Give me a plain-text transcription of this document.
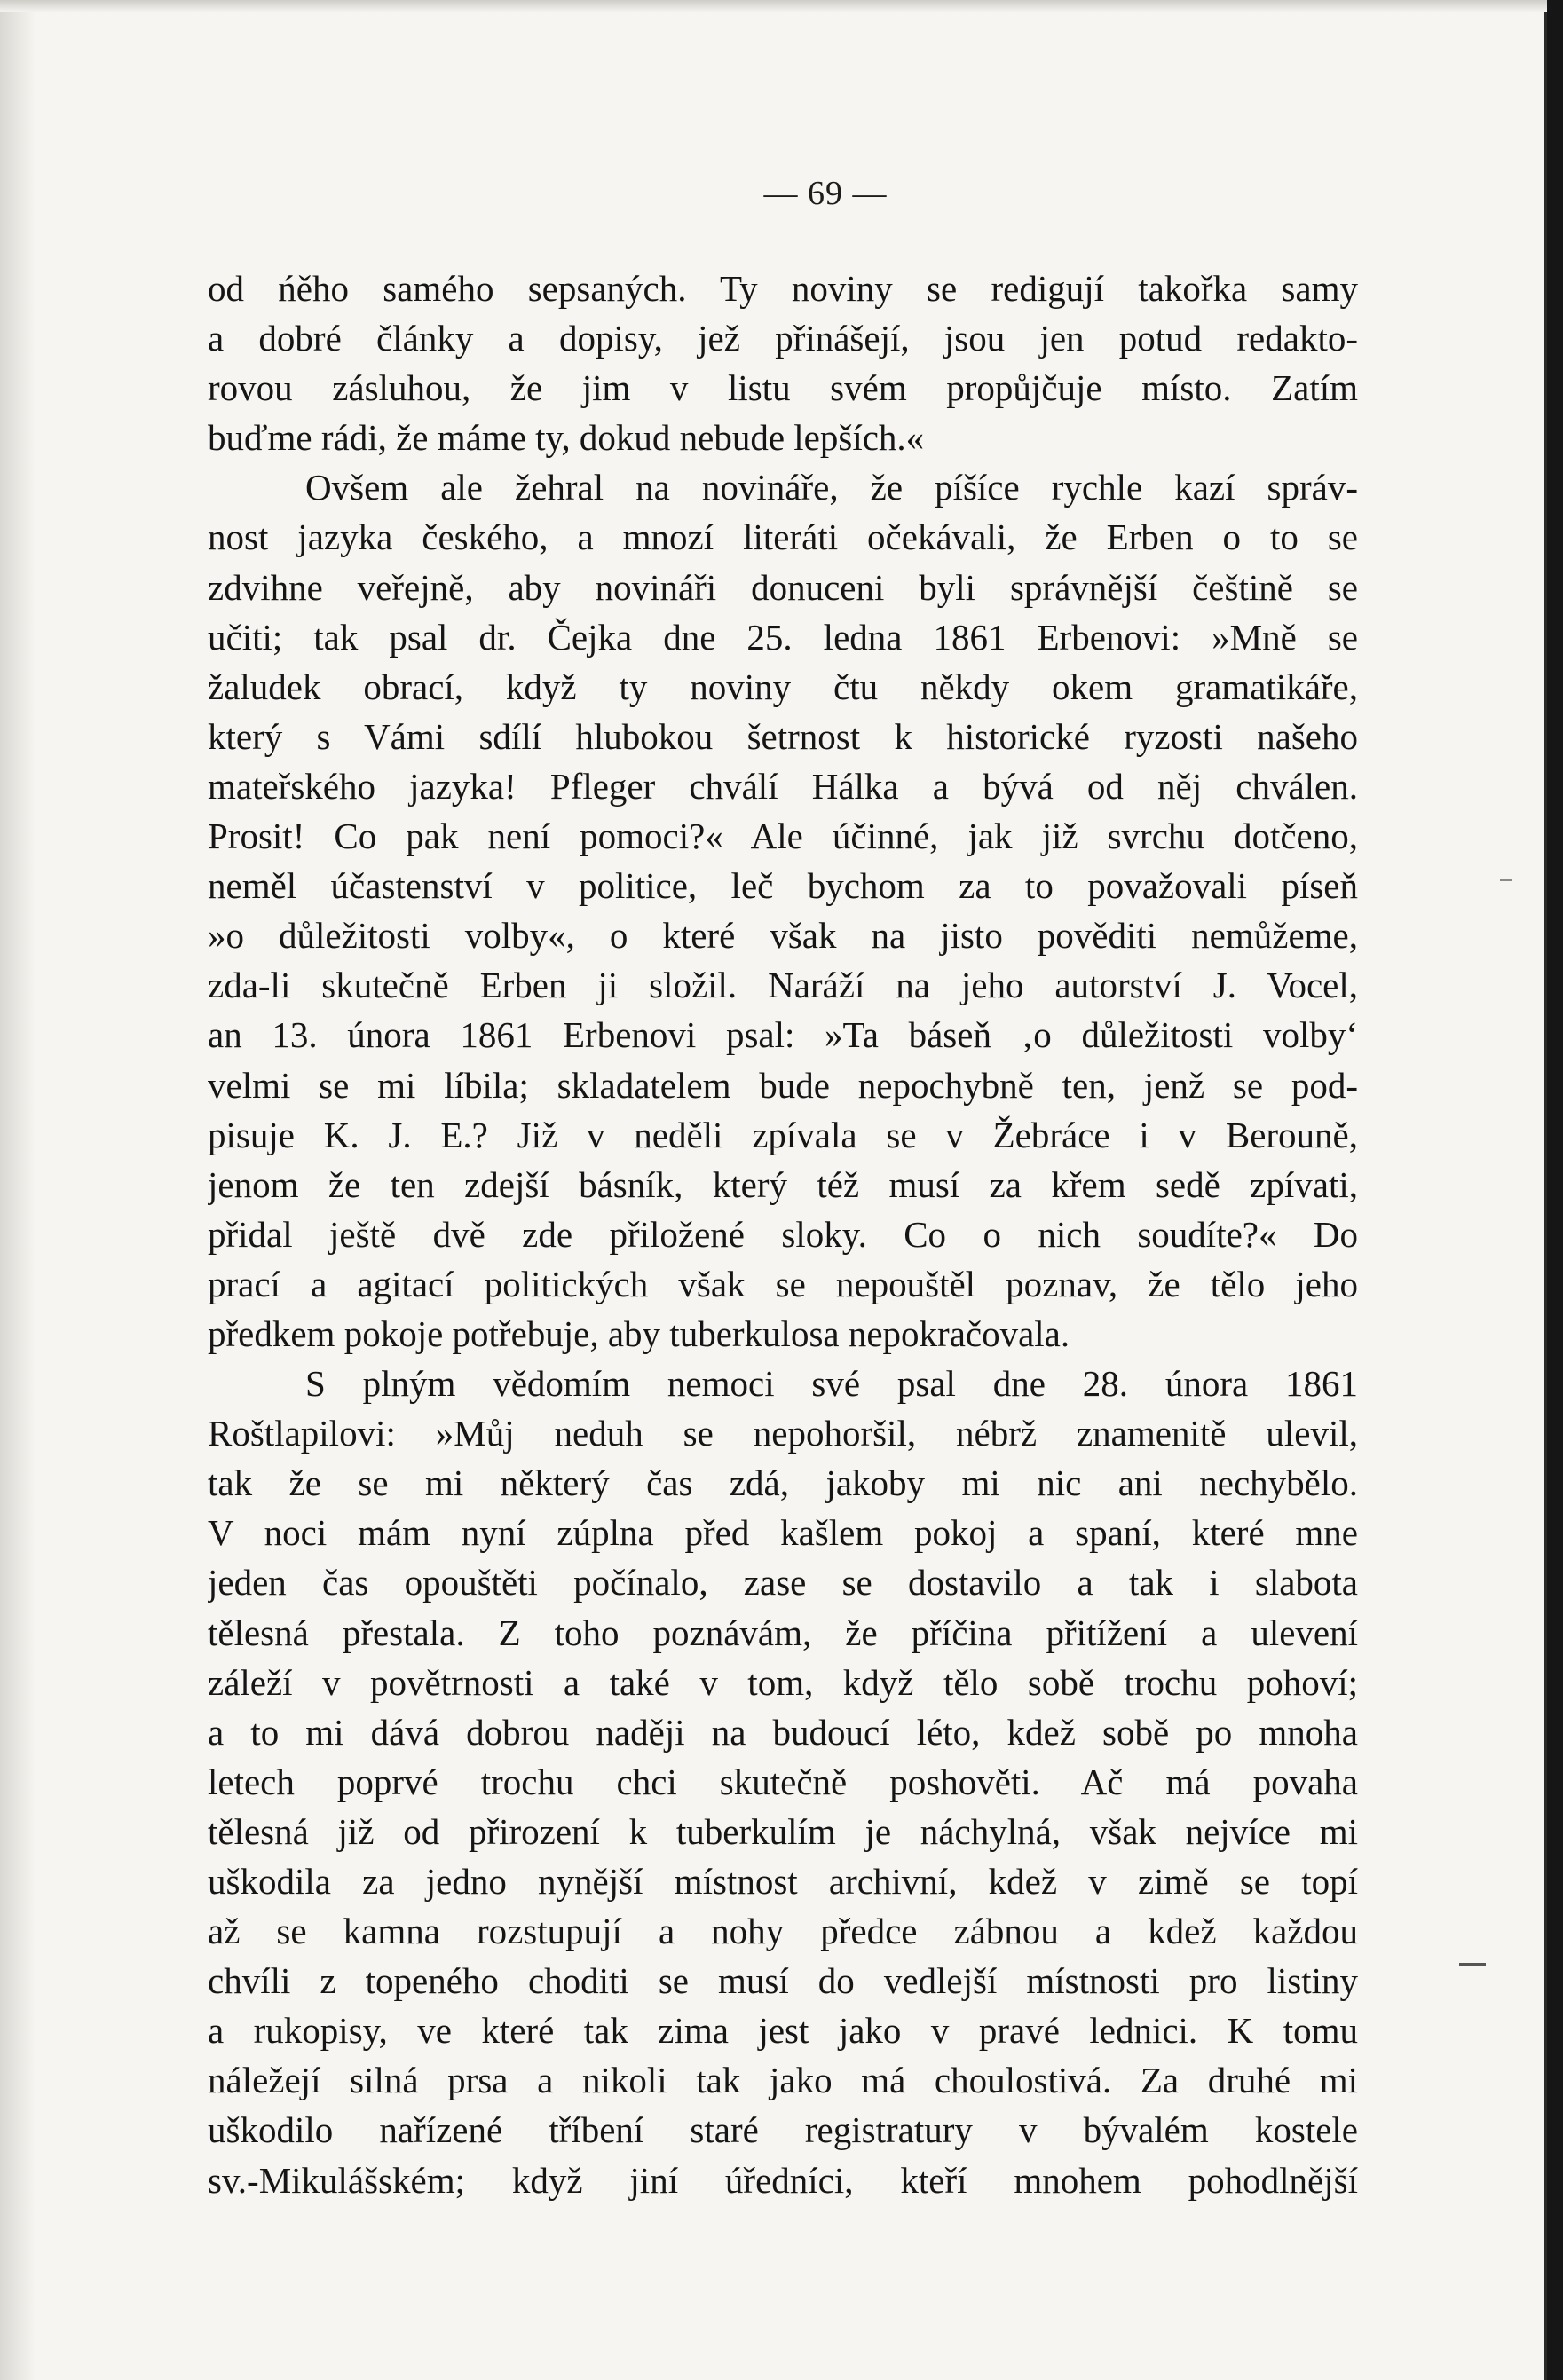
— 69 —
od ńěho samého sepsaných. Ty noviny se redigují takořka samy
a dobré články a dopisy, jež přinášejí, jsou jen potud redakto-
rovou zásluhou, že jim v listu svém propůjčuje místo. Zatím
buďme rádi, že máme ty, dokud nebude lepších.«
Ovšem ale žehral na novináře, že píšíce rychle kazí správ-
nost jazyka českého, a mnozí literáti očekávali, že Erben o to se
zdvihne veřejně, aby novináři donuceni byli správnější češtině se
učiti; tak psal dr. Čejka dne 25. ledna 1861 Erbenovi: »Mně se
žaludek obrací, když ty noviny čtu někdy okem gramatikáře,
který s Vámi sdílí hlubokou šetrnost k historické ryzosti našeho
mateřského jazyka! Pfleger chválí Hálka a bývá od něj chválen.
Prosit! Co pak není pomoci?« Ale účinné, jak již svrchu dotčeno,
neměl účastenství v politice, leč bychom za to považovali píseň
»o důležitosti volby«, o které však na jisto pověditi nemůžeme,
zda-li skutečně Erben ji složil. Naráží na jeho autorství J. Vocel,
an 13. února 1861 Erbenovi psal: »Ta báseň ‚o důležitosti volby‘
velmi se mi líbila; skladatelem bude nepochybně ten, jenž se pod-
pisuje K. J. E.? Již v neděli zpívala se v Žebráce i v Berouně,
jenom že ten zdejší básník, který též musí za křem sedě zpívati,
přidal ještě dvě zde přiložené sloky. Co o nich soudíte?« Do
prací a agitací politických však se nepouštěl poznav, že tělo jeho
předkem pokoje potřebuje, aby tuberkulosa nepokračovala.
S plným vědomím nemoci své psal dne 28. února 1861
Roštlapilovi: »Můj neduh se nepohoršil, nébrž znamenitě ulevil,
tak že se mi některý čas zdá, jakoby mi nic ani nechybělo.
V noci mám nyní zúplna před kašlem pokoj a spaní, které mne
jeden čas opouštěti počínalo, zase se dostavilo a tak i slabota
tělesná přestala. Z toho poznávám, že příčina přitížení a ulevení
záleží v povětrnosti a také v tom, když tělo sobě trochu pohoví;
a to mi dává dobrou naději na budoucí léto, kdež sobě po mnoha
letech poprvé trochu chci skutečně poshověti. Ač má povaha
tělesná již od přirození k tuberkulím je náchylná, však nejvíce mi
uškodila za jedno nynější místnost archivní, kdež v zimě se topí
až se kamna rozstupují a nohy předce zábnou a kdež každou
chvíli z topeného choditi se musí do vedlejší místnosti pro listiny
a rukopisy, ve které tak zima jest jako v pravé lednici. K tomu
náležejí silná prsa a nikoli tak jako má choulostivá. Za druhé mi
uškodilo nařízené tříbení staré registratury v bývalém kostele
sv.-Mikulášském; když jiní úředníci, kteří mnohem pohodlnější
